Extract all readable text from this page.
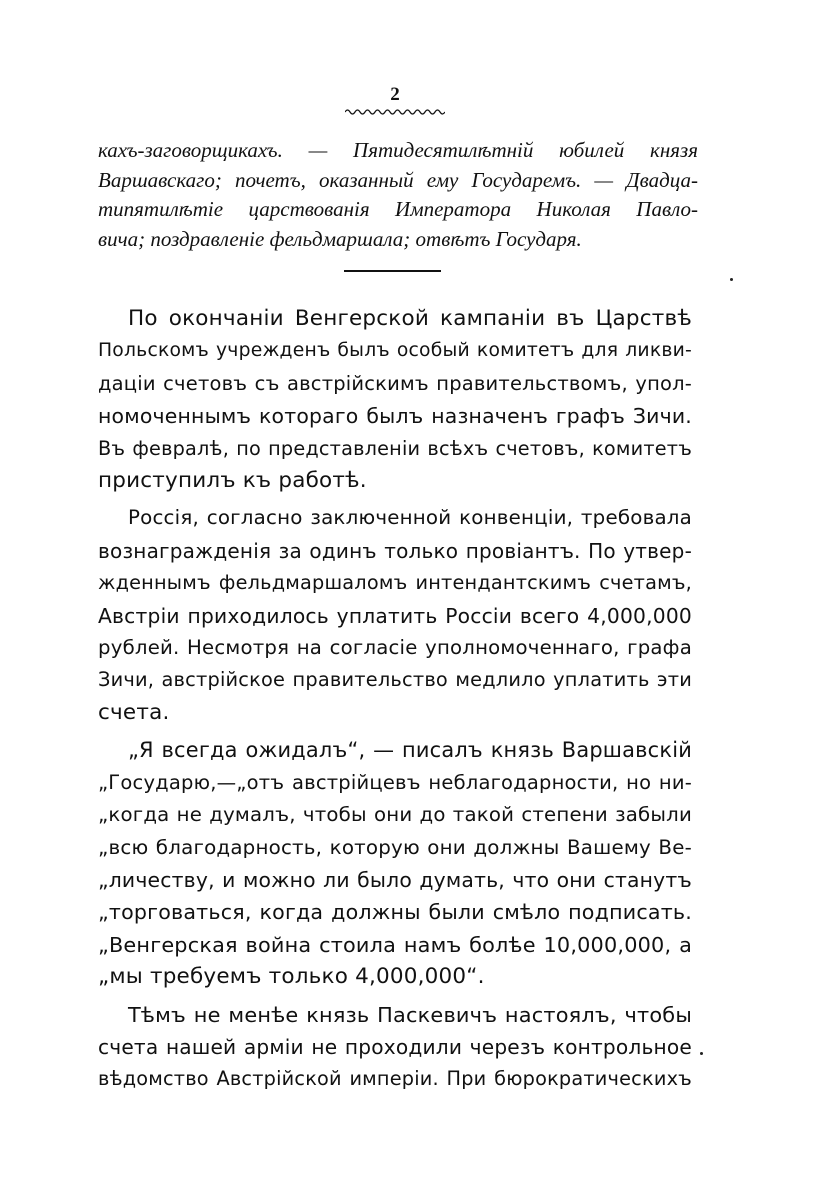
2
кахъ-заговорщикахъ. — Пятидесятилѣтній юбилей князя
Варшавскаго; почетъ, оказанный ему Государемъ. — Двадца-
типятилѣтіе царствованія Императора Николая Павло-
вича; поздравленіе фельдмаршала; отвѣтъ Государя.
По окончаніи Венгерской кампаніи въ Царствѣ
Польскомъ учрежденъ былъ особый комитетъ для ликви-
даціи счетовъ съ австрійскимъ правительствомъ, упол-
номоченнымъ котораго былъ назначенъ графъ Зичи.
Въ февралѣ, по представленіи всѣхъ счетовъ, комитетъ
приступилъ къ работѣ.
Россія, согласно заключенной конвенціи, требовала
вознагражденія за одинъ только провіантъ. По утвер-
жденнымъ фельдмаршаломъ интендантскимъ счетамъ,
Австріи приходилось уплатить Россіи всего 4,000,000
рублей. Несмотря на согласіе уполномоченнаго, графа
Зичи, австрійское правительство медлило уплатить эти
счета.
„Я всегда ожидалъ“, — писалъ князь Варшавскій
„Государю,—„отъ австрійцевъ неблагодарности, но ни-
„когда не думалъ, чтобы они до такой степени забыли
„всю благодарность, которую они должны Вашему Ве-
„личеству, и можно ли было думать, что они станутъ
„торговаться, когда должны были смѣло подписать.
„Венгерская война стоила намъ болѣе 10,000,000, а
„мы требуемъ только 4,000,000“.
Тѣмъ не менѣе князь Паскевичъ настоялъ, чтобы
счета нашей арміи не проходили черезъ контрольное
вѣдомство Австрійской имперіи. При бюрократическихъ
